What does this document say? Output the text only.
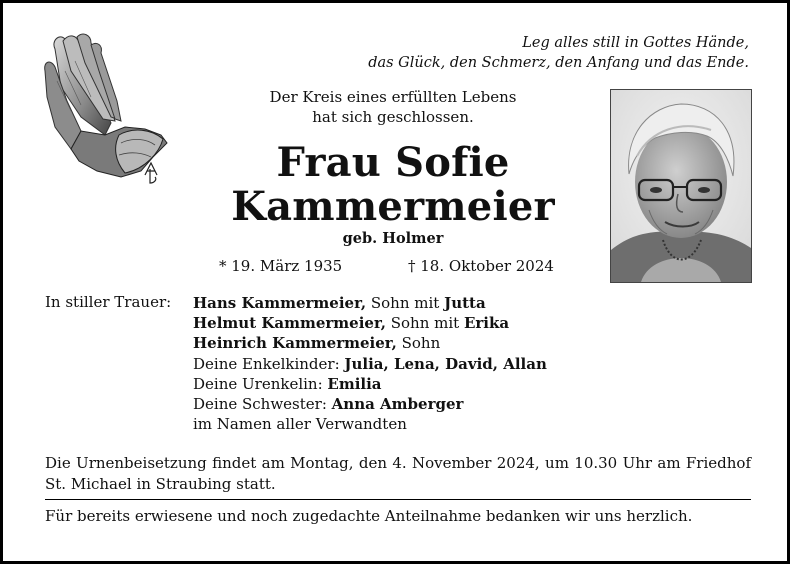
Leg alles still in Gottes Hände,
das Glück, den Schmerz, den Anfang und das Ende.
Der Kreis eines erfüllten Lebens
hat sich geschlossen.
Frau Sofie
Kammermeier
geb. Holmer
* 19. März 1935	† 18. Oktober 2024
In stiller Trauer: Hans Kammermeier, Sohn mit Jutta
Helmut Kammermeier, Sohn mit Erika
Heinrich Kammermeier, Sohn
Deine Enkelkinder: Julia, Lena, David, Allan
Deine Urenkelin: Emilia
Deine Schwester: Anna Amberger
im Namen aller Verwandten
Die Urnenbeisetzung findet am Montag, den 4. November 2024, um 10.30 Uhr am Friedhof St. Michael in Straubing statt.
Für bereits erwiesene und noch zugedachte Anteilnahme bedanken wir uns herzlich.
